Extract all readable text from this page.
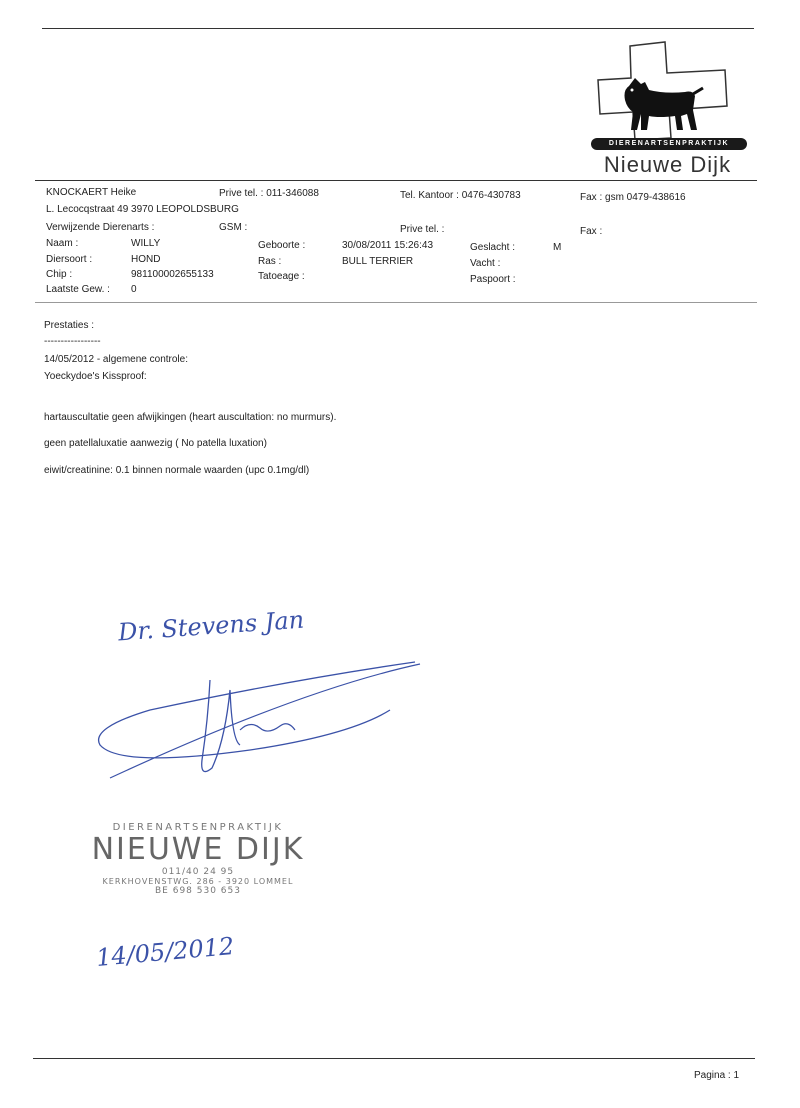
DIERENARTSENPRAKTIJK
Nieuwe Dijk
KNOCKAERT Heike
L. Lecocqstraat 49 3970 LEOPOLDSBURG
Prive tel. : 011-346088	Tel. Kantoor : 0476-430783	Fax : gsm 0479-438616
Verwijzende Dierenarts :	GSM :	Prive tel. :	Fax :
Naam :	WILLY
Diersoort :	HOND
Chip :	981100002655133
Laatste Gew. : 0
Geboorte :	30/08/2011 15:26:43
Ras :	BULL TERRIER
Tatoeage :
Geslacht :	M
Vacht :
Paspoort :
Prestaties :
-----------------
14/05/2012 - algemene controle:
Yoeckydoe's Kissproof:
hartauscultatie geen afwijkingen (heart auscultation: no murmurs).
geen patellaluxatie aanwezig ( No patella luxation)
eiwit/creatinine: 0.1 binnen normale waarden (upc 0.1mg/dl)
Dr. Stevens Jan
DIERENARTSENPRAKTIJK
NIEUWE DIJK
011/40 24 95
KERKHOVENSTWG. 286 - 3920 LOMMEL
BE 698 530 653
14/05/2012
Pagina : 1
